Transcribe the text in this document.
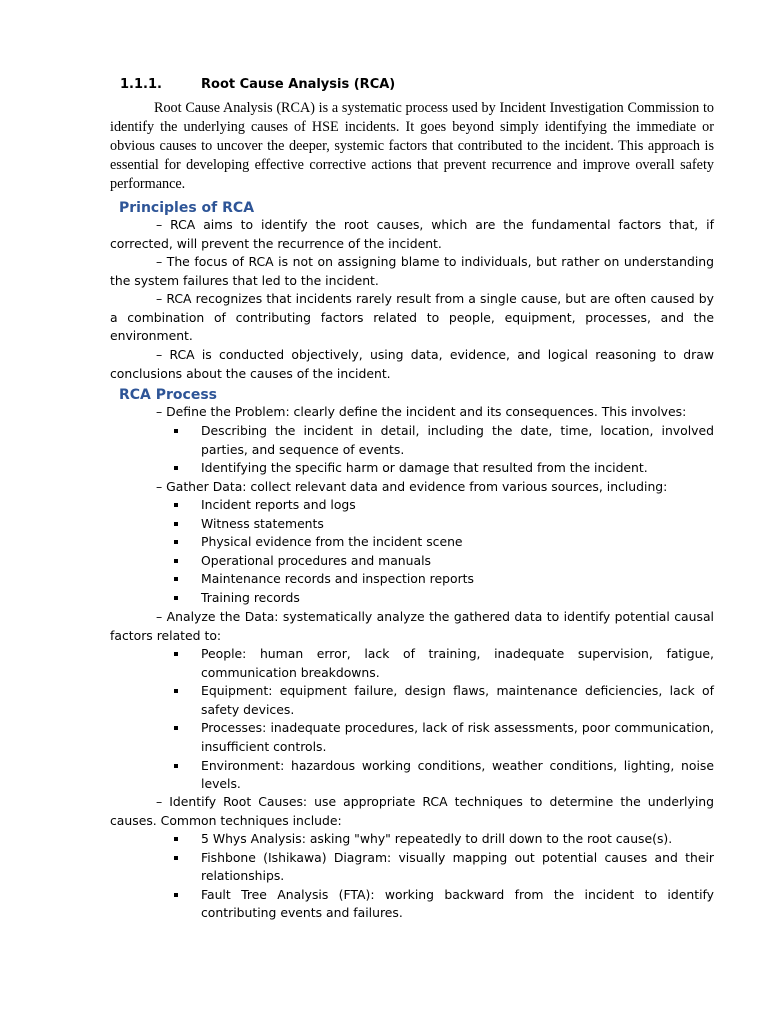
1.1.1.	Root Cause Analysis (RCA)

Root Cause Analysis (RCA) is a systematic process used by Incident Investigation Commission to identify the underlying causes of HSE incidents. It goes beyond simply identifying the immediate or obvious causes to uncover the deeper, systemic factors that contributed to the incident. This approach is essential for developing effective corrective actions that prevent recurrence and improve overall safety performance.

Principles of RCA

– RCA aims to identify the root causes, which are the fundamental factors that, if corrected, will prevent the recurrence of the incident.

– The focus of RCA is not on assigning blame to individuals, but rather on understanding the system failures that led to the incident.

– RCA recognizes that incidents rarely result from a single cause, but are often caused by a combination of contributing factors related to people, equipment, processes, and the environment.

– RCA is conducted objectively, using data, evidence, and logical reasoning to draw conclusions about the causes of the incident.

RCA Process

– Define the Problem: clearly define the incident and its consequences. This involves:

Describing the incident in detail, including the date, time, location, involved parties, and sequence of events.
Identifying the specific harm or damage that resulted from the incident.

– Gather Data: collect relevant data and evidence from various sources, including:

Incident reports and logs
Witness statements
Physical evidence from the incident scene
Operational procedures and manuals
Maintenance records and inspection reports
Training records

– Analyze the Data: systematically analyze the gathered data to identify potential causal factors related to:

People: human error, lack of training, inadequate supervision, fatigue, communication breakdowns.
Equipment: equipment failure, design flaws, maintenance deficiencies, lack of safety devices.
Processes: inadequate procedures, lack of risk assessments, poor communication, insufficient controls.
Environment: hazardous working conditions, weather conditions, lighting, noise levels.

– Identify Root Causes: use appropriate RCA techniques to determine the underlying causes. Common techniques include:

5 Whys Analysis: asking "why" repeatedly to drill down to the root cause(s).
Fishbone (Ishikawa) Diagram: visually mapping out potential causes and their relationships.
Fault Tree Analysis (FTA): working backward from the incident to identify contributing events and failures.
